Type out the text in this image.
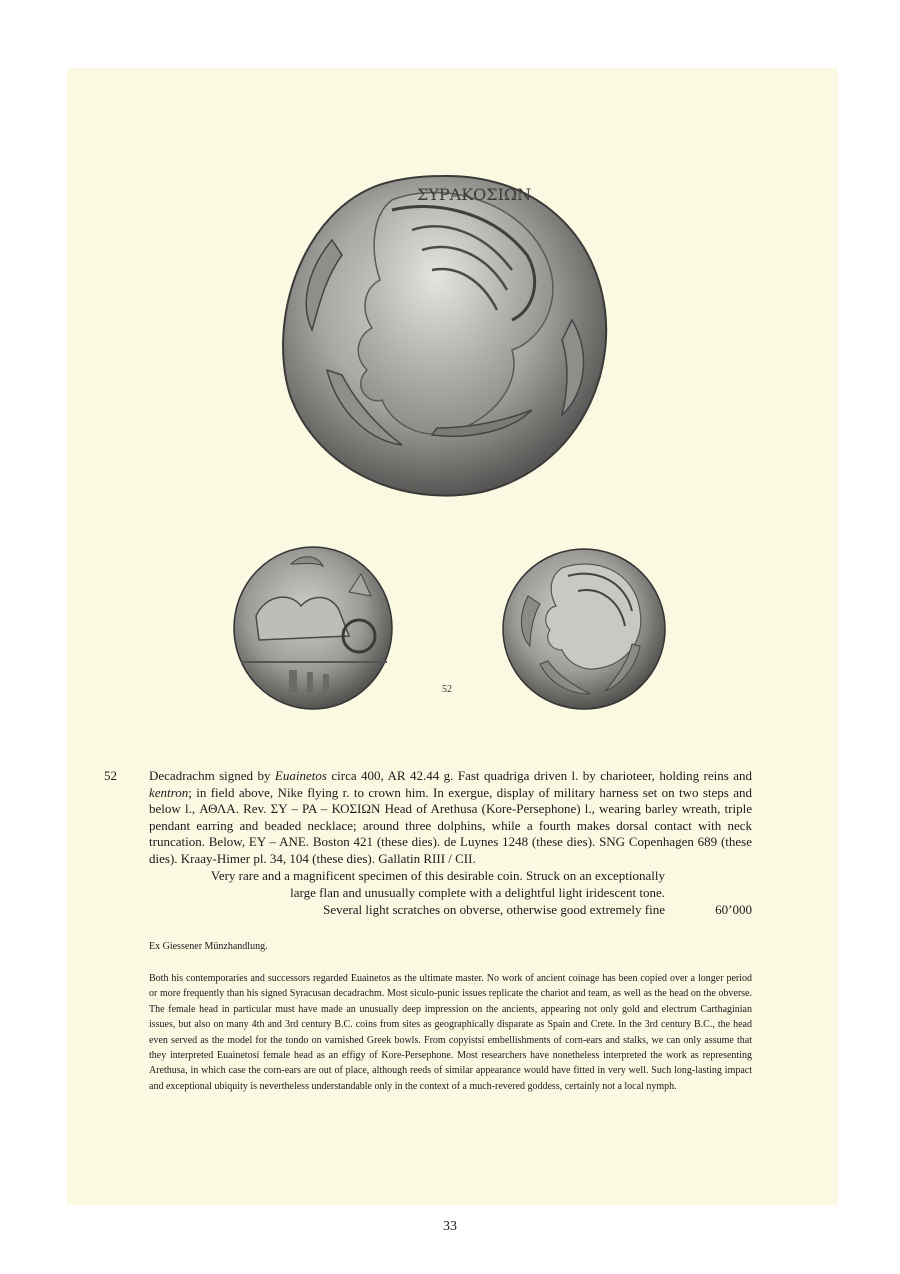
ΣΥΡΑΚΟΣΙΩΝ
52
52 Decadrachm signed by Euainetos circa 400, AR 42.44 g. Fast quadriga driven l. by charioteer, holding reins and kentron; in field above, Nike flying r. to crown him. In exergue, display of military harness set on two steps and below l., ΑΘΛΑ. Rev. ΣΥ – ΡΑ – ΚΟΣΙΩΝ Head of Arethusa (Kore-Persephone) l., wearing barley wreath, triple pendant earring and beaded necklace; around three dolphins, while a fourth makes dorsal contact with neck truncation. Below, ΕΥ – ΑΝΕ. Boston 421 (these dies). de Luynes 1248 (these dies). SNG Copenhagen 689 (these dies). Kraay-Himer pl. 34, 104 (these dies). Gallatin RIII / CII.

Very rare and a magnificent specimen of this desirable coin. Struck on an exceptionally
large flan and unusually complete with a delightful light iridescent tone.
Several light scratches on obverse, otherwise good extremely fine	60’000
Ex Giessener Münzhandlung.
Both his contemporaries and successors regarded Euainetos as the ultimate master. No work of ancient coinage has been copied over a longer period or more frequently than his signed Syracusan decadrachm. Most siculo-punic issues replicate the chariot and team, as well as the head on the obverse. The female head in particular must have made an unusually deep impression on the ancients, appearing not only gold and electrum Carthaginian issues, but also on many 4th and 3rd century B.C. coins from sites as geographically disparate as Spain and Crete. In the 3rd century B.C., the head even served as the model for the tondo on varnished Greek bowls. From copyistsí embellishments of corn-ears and stalks, we can only assume that they interpreted Euainetosí female head as an effigy of Kore-Persephone. Most researchers have nonetheless interpreted the work as representing Arethusa, in which case the corn-ears are out of place, although reeds of similar appearance would have fitted in very well. Such long-lasting impact and exceptional ubiquity is nevertheless understandable only in the context of a much-revered goddess, certainly not a local nymph.
33
